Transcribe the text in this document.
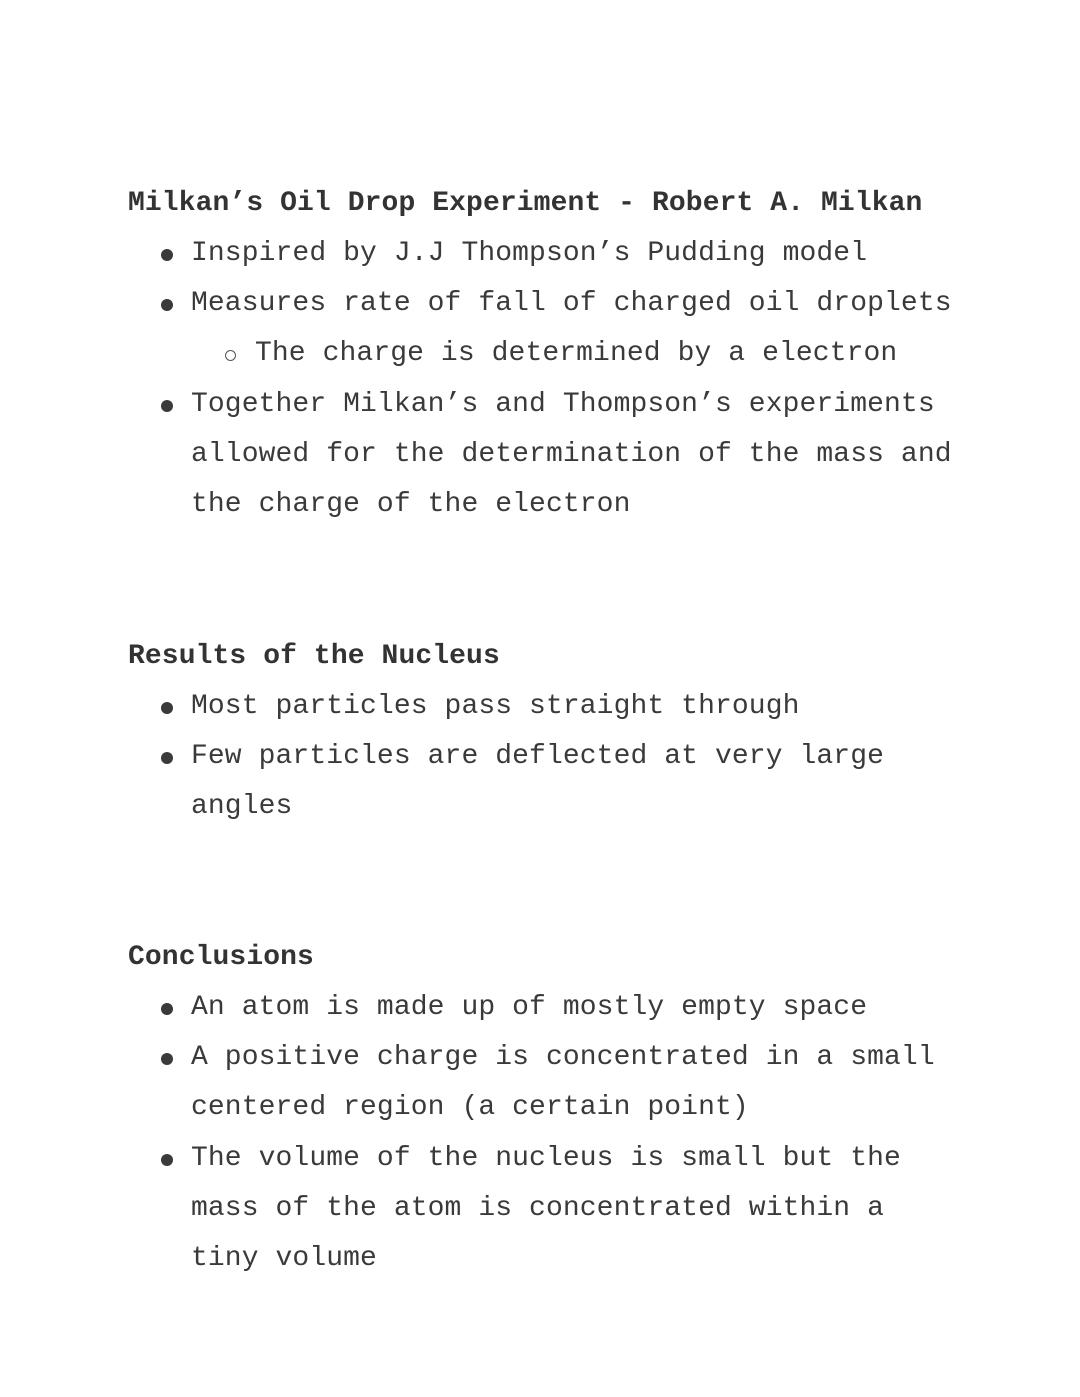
Milkan’s Oil Drop Experiment - Robert A. Milkan
Inspired by J.J Thompson’s Pudding model
Measures rate of fall of charged oil droplets
The charge is determined by a electron
Together Milkan’s and Thompson’s experiments allowed for the determination of the mass and the charge of the electron
Results of the Nucleus
Most particles pass straight through
Few particles are deflected at very large angles
Conclusions
An atom is made up of mostly empty space
A positive charge is concentrated in a small centered region (a certain point)
The volume of the nucleus is small but the mass of the atom is concentrated within a tiny volume
